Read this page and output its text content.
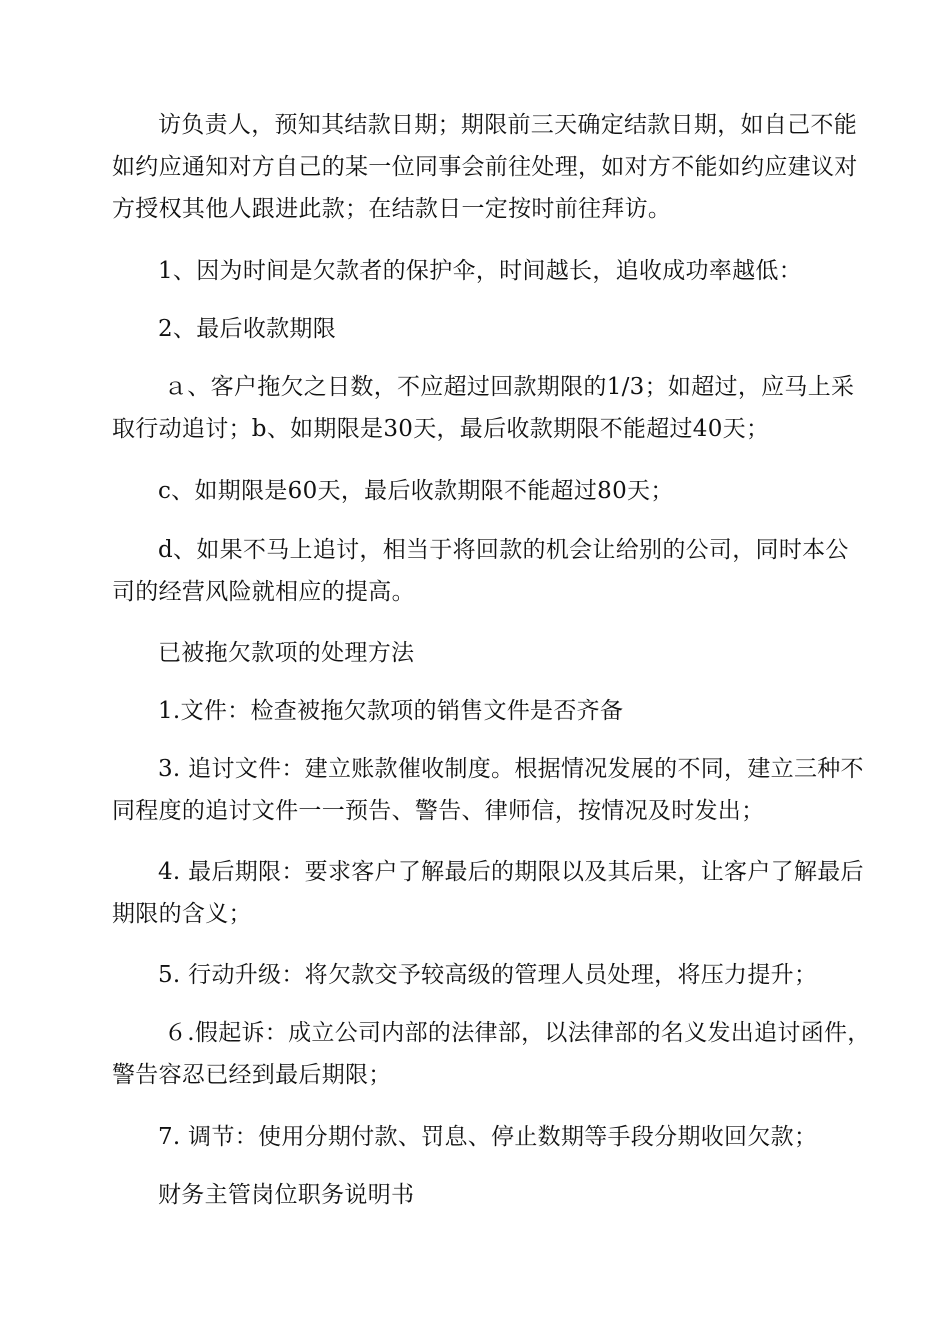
访负责人，预知其结款日期；期限前三天确定结款日期，如自己不能
如约应通知对方自己的某一位同事会前往处理，如对方不能如约应建议对
方授权其他人跟进此款；在结款日一定按时前往拜访。

1、因为时间是欠款者的保护伞，时间越长，追收成功率越低：

2、最后收款期限

ａ、客户拖欠之日数，不应超过回款期限的1/3；如超过，应马上采
取行动追讨；b、如期限是30天，最后收款期限不能超过40天；

c、如期限是60天，最后收款期限不能超过80天；

d、如果不马上追讨，相当于将回款的机会让给别的公司，同时本公
司的经营风险就相应的提高。

已被拖欠款项的处理方法

1.文件：检查被拖欠款项的销售文件是否齐备

3. 追讨文件：建立账款催收制度。根据情况发展的不同，建立三种不
同程度的追讨文件一一预告、警告、律师信，按情况及时发出；

4. 最后期限：要求客户了解最后的期限以及其后果，让客户了解最后
期限的含义；

5. 行动升级：将欠款交予较高级的管理人员处理，将压力提升；

６.假起诉：成立公司内部的法律部，以法律部的名义发出追讨函件，
警告容忍已经到最后期限；

7. 调节：使用分期付款、罚息、停止数期等手段分期收回欠款；

财务主管岗位职务说明书
